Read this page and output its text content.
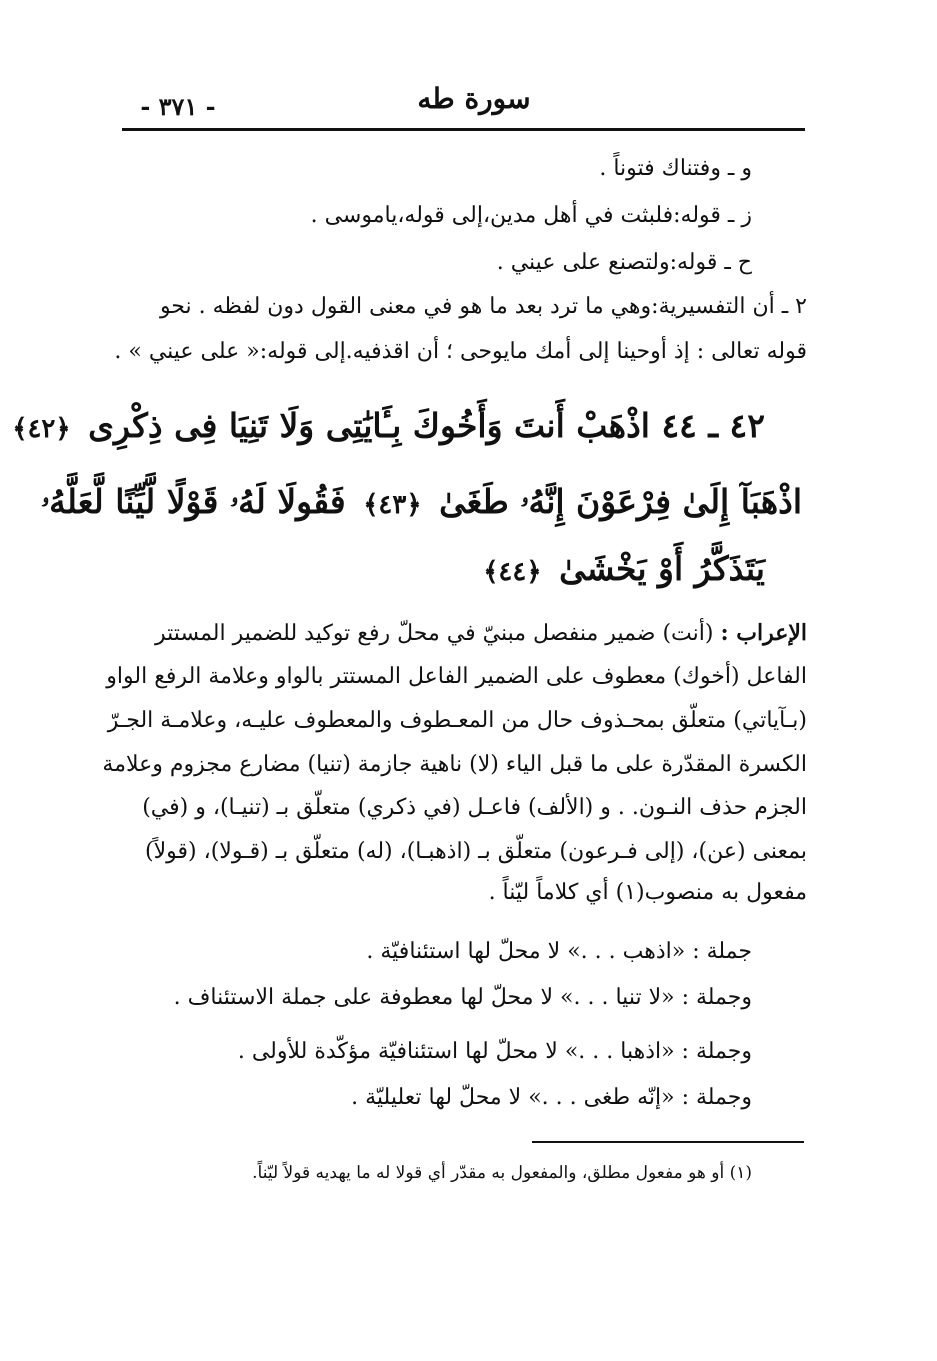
سورة طه
- ٣٧١ -
و ـ وفتناك فتوناً .
ز ـ قوله:فلبثت في أهل مدين،إلى قوله،ياموسى .
ح ـ قوله:ولتصنع على عيني .
٢ ـ أن التفسيرية:وهي ما ترد بعد ما هو في معنى القول دون لفظه . نحو
قوله تعالى : إذ أوحينا إلى أمك مايوحى ؛ أن اقذفيه.إلى قوله:« على عيني » .
٤٢ ـ ٤٤ اذْهَبْ أَنتَ وَأَخُوكَ بِـَٔايَٰتِى وَلَا تَنِيَا فِى ذِكْرِى ﴿٤٢﴾
اذْهَبَآ إِلَىٰ فِرْعَوْنَ إِنَّهُۥ طَغَىٰ ﴿٤٣﴾ فَقُولَا لَهُۥ قَوْلًا لَّيِّنًا لَّعَلَّهُۥ
يَتَذَكَّرُ أَوْ يَخْشَىٰ ﴿٤٤﴾
الإعراب : (أنت) ضمير منفصل مبنيّ في محلّ رفع توكيد للضمير المستتر
الفاعل (أخوك) معطوف على الضمير الفاعل المستتر بالواو وعلامة الرفع الواو
(بـآياتي) متعلّق بمحـذوف حال من المعـطوف والمعطوف عليـه، وعلامـة الجـرّ
الكسرة المقدّرة على ما قبل الياء (لا) ناهية جازمة (تنيا) مضارع مجزوم وعلامة
الجزم حذف النـون. . و (الألف) فاعـل (في ذكري) متعلّق بـ (تنيـا)، و (في)
بمعنى (عن)، (إلى فـرعون) متعلّق بـ (اذهبـا)، (له) متعلّق بـ (قـولا)، (قولاً)
مفعول به منصوب(١) أي كلاماً ليّناً .
جملة : «اذهب . . .» لا محلّ لها استئنافيّة .
وجملة : «لا تنيا . . .» لا محلّ لها معطوفة على جملة الاستئناف .
وجملة : «اذهبا . . .» لا محلّ لها استئنافيّة مؤكّدة للأولى .
وجملة : «إنّه طغى . . .» لا محلّ لها تعليليّة .
(١) أو هو مفعول مطلق، والمفعول به مقدّر أي قولا له ما يهديه قولاً ليّناً.
